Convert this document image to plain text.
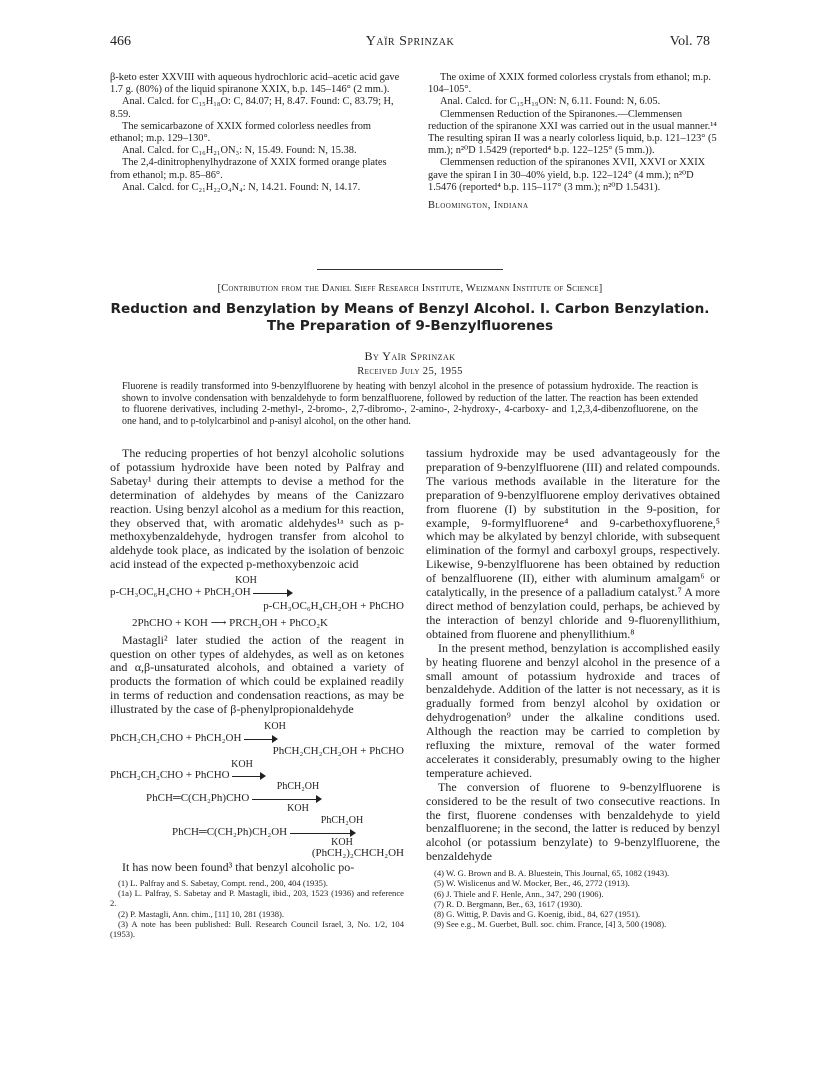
466	Yaïr Sprinzak	Vol. 78

β-keto ester XXVIII with aqueous hydrochloric acid–acetic acid gave 1.7 g. (80%) of the liquid spiranone XXIX, b.p. 145–146° (2 mm.).

Anal. Calcd. for C₁₅H₁₈O: C, 84.07; H, 8.47. Found: C, 83.79; H, 8.59.

The semicarbazone of XXIX formed colorless needles from ethanol; m.p. 129–130°.

Anal. Calcd. for C₁₆H₂₁ON₃: N, 15.49. Found: N, 15.38.

The 2,4-dinitrophenylhydrazone of XXIX formed orange plates from ethanol; m.p. 85–86°.

Anal. Calcd. for C₂₁H₂₂O₄N₄: N, 14.21. Found: N, 14.17.

The oxime of XXIX formed colorless crystals from ethanol; m.p. 104–105°.

Anal. Calcd. for C₁₅H₁₉ON: N, 6.11. Found: N, 6.05.

Clemmensen Reduction of the Spiranones.—Clemmensen reduction of the spiranone XXI was carried out in the usual manner.¹⁴ The resulting spiran II was a nearly colorless liquid, b.p. 121–123° (5 mm.); n²⁰D 1.5429 (reported⁴ b.p. 122–125° (5 mm.)).

Clemmensen reduction of the spiranones XVII, XXVI or XXIX gave the spiran I in 30–40% yield, b.p. 122–124° (4 mm.); n²⁰D 1.5476 (reported⁴ b.p. 115–117° (3 mm.); n²⁰D 1.5431).

Bloomington, Indiana

[Contribution from the Daniel Sieff Research Institute, Weizmann Institute of Science]
Reduction and Benzylation by Means of Benzyl Alcohol. I. Carbon Benzylation. The Preparation of 9-Benzylfluorenes
By Yaïr Sprinzak
Received July 25, 1955
Fluorene is readily transformed into 9-benzylfluorene by heating with benzyl alcohol in the presence of potassium hydroxide. The reaction is shown to involve condensation with benzaldehyde to form benzalfluorene, followed by reduction of the latter. The reaction has been extended to fluorene derivatives, including 2-methyl-, 2-bromo-, 2,7-dibromo-, 2-amino-, 2-hydroxy-, 4-carboxy- and 1,2,3,4-dibenzofluorene, on the one hand, and to p-tolylcarbinol and p-anisyl alcohol, on the other hand.

The reducing properties of hot benzyl alcoholic solutions of potassium hydroxide have been noted by Palfray and Sabetay¹ during their attempts to devise a method for the determination of aldehydes by means of the Canizzaro reaction. Using benzyl alcohol as a medium for this reaction, they observed that, with aromatic aldehydes¹ᵃ such as p-methoxybenzaldehyde, hydrogen transfer from alcohol to aldehyde took place, as indicated by the isolation of benzoic acid instead of the expected p-methoxybenzoic acid

KOH
p-CH₃OC₆H₄CHO + PhCH₂OH
p-CH₃OC₆H₄CH₂OH + PhCHO
2PhCHO + KOH ⟶ PRCH₂OH + PhCO₂K

Mastagli² later studied the action of the reagent in question on other types of aldehydes, as well as on ketones and α,β-unsaturated alcohols, and obtained a variety of products the formation of which could be explained readily in terms of reduction and condensation reactions, as may be illustrated by the case of β-phenylpropionaldehyde

KOH
PhCH₂CH₂CHO + PhCH₂OH
PhCH₂CH₂CH₂OH + PhCHO
KOH
PhCH₂CH₂CHO + PhCHO
PhCH₂OH
PhCH═C(CH₂Ph)CHO
KOH
PhCH₂OH
PhCH═C(CH₂Ph)CH₂OH
KOH
(PhCH₂)₂CHCH₂OH

It has now been found³ that benzyl alcoholic po-

(1) L. Palfray and S. Sabetay, Compt. rend., 200, 404 (1935).

(1a) L. Palfray, S. Sabetay and P. Mastagli, ibid., 203, 1523 (1936) and reference 2.

(2) P. Mastagli, Ann. chim., [11] 10, 281 (1938).

(3) A note has been published: Bull. Research Council Israel, 3, No. 1/2, 104 (1953).

tassium hydroxide may be used advantageously for the preparation of 9-benzylfluorene (III) and related compounds. The various methods available in the literature for the preparation of 9-benzylfluorene employ derivatives obtained from fluorene (I) by substitution in the 9-position, for example, 9-formylfluorene⁴ and 9-carbethoxyfluorene,⁵ which may be alkylated by benzyl chloride, with subsequent elimination of the formyl and carboxyl groups, respectively. Likewise, 9-benzylfluorene has been obtained by reduction of benzalfluorene (II), either with aluminum amalgam⁶ or catalytically, in the presence of a palladium catalyst.⁷ A more direct method of benzylation could, perhaps, be achieved by the interaction of benzyl chloride and 9-fluorenyllithium, obtained from fluorene and phenyllithium.⁸

In the present method, benzylation is accomplished easily by heating fluorene and benzyl alcohol in the presence of a small amount of potassium hydroxide and traces of benzaldehyde. Addition of the latter is not necessary, as it is gradually formed from benzyl alcohol by oxidation or dehydrogenation⁹ under the alkaline conditions used. Although the reaction may be carried to completion by refluxing the mixture, removal of the water formed accelerates it considerably, presumably owing to the higher temperature achieved.

The conversion of fluorene to 9-benzylfluorene is considered to be the result of two consecutive reactions. In the first, fluorene condenses with benzaldehyde to yield benzalfluorene; in the second, the latter is reduced by benzyl alcohol (or potassium benzylate) to 9-benzylfluorene, the benzaldehyde

(4) W. G. Brown and B. A. Bluestein, This Journal, 65, 1082 (1943).

(5) W. Wislicenus and W. Mocker, Ber., 46, 2772 (1913).

(6) J. Thiele and F. Henle, Ann., 347, 290 (1906).

(7) R. D. Bergmann, Ber., 63, 1617 (1930).

(8) G. Wittig, P. Davis and G. Koenig, ibid., 84, 627 (1951).

(9) See e.g., M. Guerbet, Bull. soc. chim. France, [4] 3, 500 (1908).
